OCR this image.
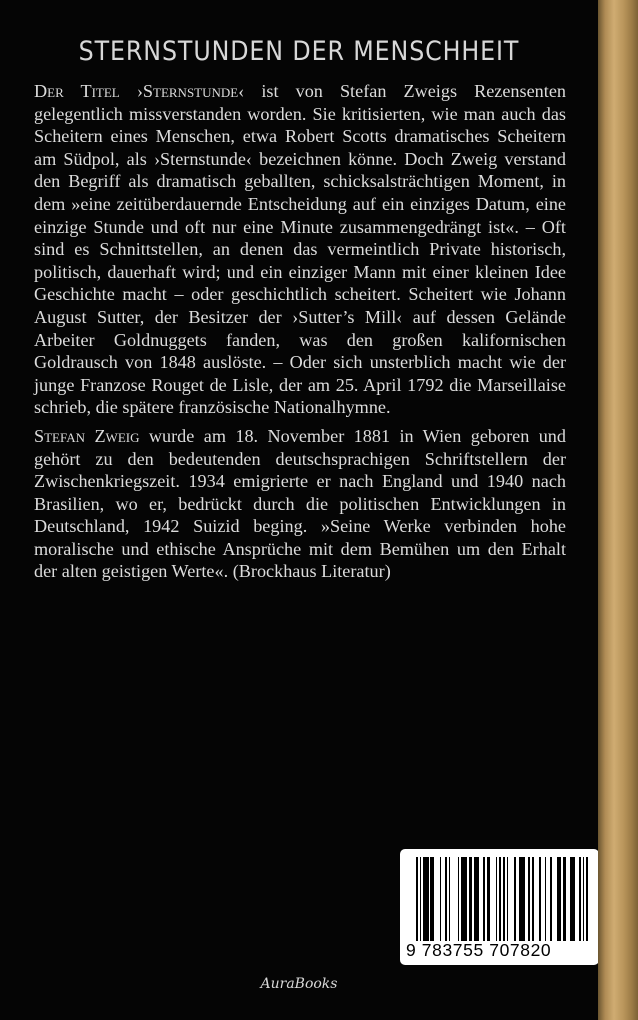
STERNSTUNDEN DER MENSCHHEIT

Der Titel ›Sternstunde‹ ist von Stefan Zweigs Rezensenten gelegentlich missverstanden worden. Sie kritisierten, wie man auch das Scheitern eines Menschen, etwa Robert Scotts dramatisches Scheitern am Südpol, als ›Sternstunde‹ bezeichnen könne. Doch Zweig verstand den Begriff als dramatisch geballten, schicksalsträchtigen Moment, in dem »eine zeitüberdauernde Entscheidung auf ein einziges Datum, eine einzige Stunde und oft nur eine Minute zusammengedrängt ist«. – Oft sind es Schnittstellen, an denen das vermeintlich Private historisch, politisch, dauerhaft wird; und ein einziger Mann mit einer kleinen Idee Geschichte macht – oder geschichtlich scheitert. Scheitert wie Johann August Sutter, der Besitzer der ›Sutter’s Mill‹ auf dessen Gelände Arbeiter Goldnuggets fanden, was den großen kalifornischen Goldrausch von 1848 auslöste. – Oder sich unsterblich macht wie der junge Franzose Rouget de Lisle, der am 25. April 1792 die Marseillaise schrieb, die spätere französische Nationalhymne.

Stefan Zweig wurde am 18. November 1881 in Wien geboren und gehört zu den bedeutenden deutschsprachigen Schriftstellern der Zwischenkriegszeit. 1934 emigrierte er nach England und 1940 nach Brasilien, wo er, bedrückt durch die politischen Entwicklungen in Deutschland, 1942 Suizid beging. »Seine Werke verbinden hohe moralische und ethische Ansprüche mit dem Bemühen um den Erhalt der alten geistigen Werte«. (Brockhaus Literatur)

9 783755 707820
AuraBooks
